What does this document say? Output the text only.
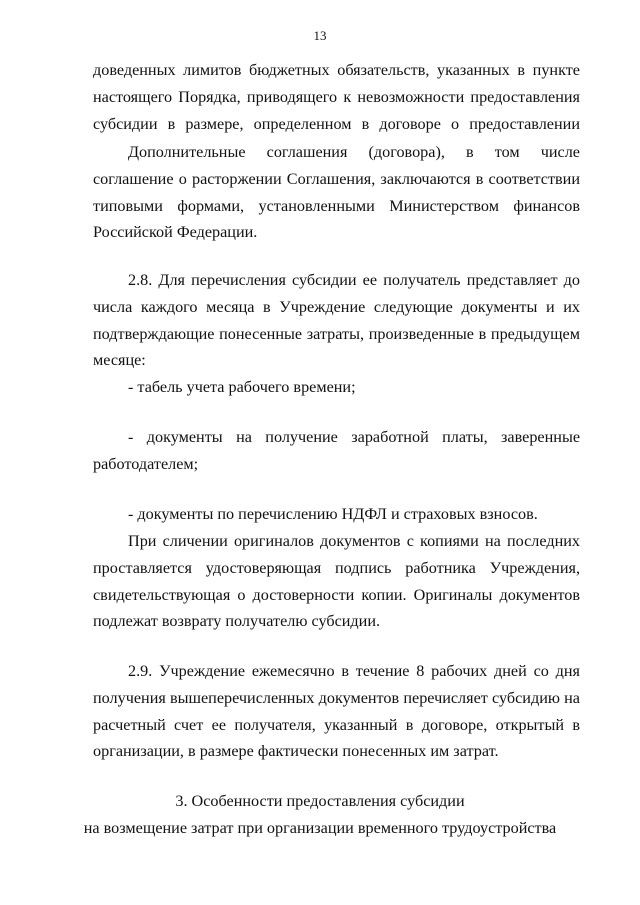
13
доведенных лимитов бюджетных обязательств, указанных в пункте
настоящего Порядка, приводящего к невозможности предоставления
субсидии в размере, определенном в договоре о предоставлении
Дополнительные соглашения (договора), в том числе
соглашение о расторжении Соглашения, заключаются в соответствии
типовыми формами, установленными Министерством финансов
Российской Федерации.
2.8. Для перечисления субсидии ее получатель представляет до
числа каждого месяца в Учреждение следующие документы и их
подтверждающие понесенные затраты, произведенные в предыдущем
месяце:
- табель учета рабочего времени;
- документы на получение заработной платы, заверенные
работодателем;
- документы по перечислению НДФЛ и страховых взносов.
При сличении оригиналов документов с копиями на последних
проставляется удостоверяющая подпись работника Учреждения,
свидетельствующая о достоверности копии. Оригиналы документов
подлежат возврату получателю субсидии.
2.9. Учреждение ежемесячно в течение 8 рабочих дней со дня
получения вышеперечисленных документов перечисляет субсидию на
расчетный счет ее получателя, указанный в договоре, открытый в
организации, в размере фактически понесенных им затрат.
3. Особенности предоставления субсидии
на возмещение затрат при организации временного трудоустройства
